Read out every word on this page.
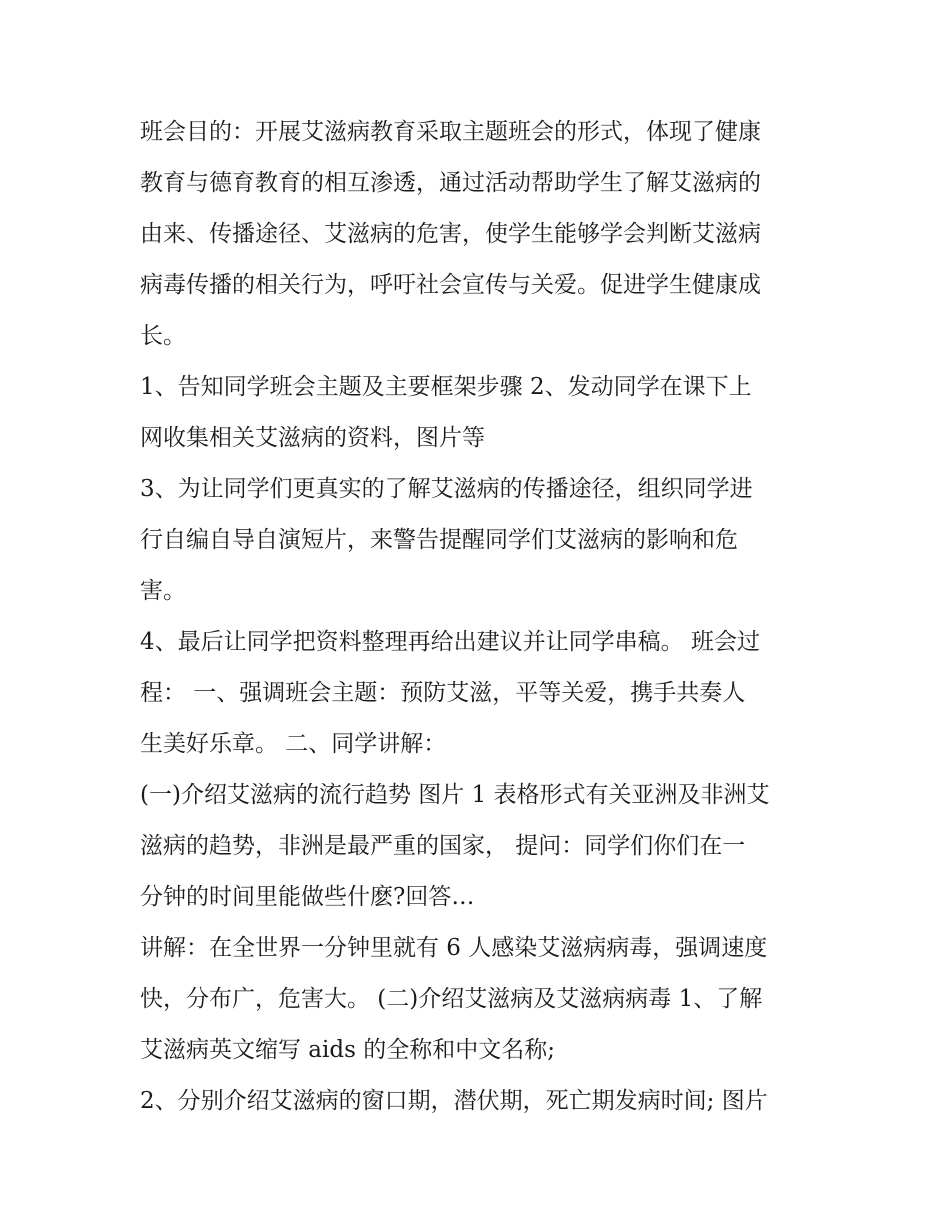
班会目的：开展艾滋病教育采取主题班会的形式，体现了健康
教育与德育教育的相互渗透，通过活动帮助学生了解艾滋病的
由来、传播途径、艾滋病的危害，使学生能够学会判断艾滋病
病毒传播的相关行为，呼吁社会宣传与关爱。促进学生健康成
长。
1、告知同学班会主题及主要框架步骤 2、发动同学在课下上
网收集相关艾滋病的资料，图片等
3、为让同学们更真实的了解艾滋病的传播途径，组织同学进
行自编自导自演短片，来警告提醒同学们艾滋病的影响和危
害。
4、最后让同学把资料整理再给出建议并让同学串稿。 班会过
程： 一、强调班会主题：预防艾滋，平等关爱，携手共奏人
生美好乐章。 二、同学讲解：
(一)介绍艾滋病的流行趋势 图片 1 表格形式有关亚洲及非洲艾
滋病的趋势，非洲是最严重的国家， 提问：同学们你们在一
分钟的时间里能做些什麽?回答…
讲解：在全世界一分钟里就有 6 人感染艾滋病病毒，强调速度
快，分布广，危害大。 (二)介绍艾滋病及艾滋病病毒 1、了解
艾滋病英文缩写 aids 的全称和中文名称;
2、分别介绍艾滋病的窗口期，潜伏期，死亡期发病时间; 图片
